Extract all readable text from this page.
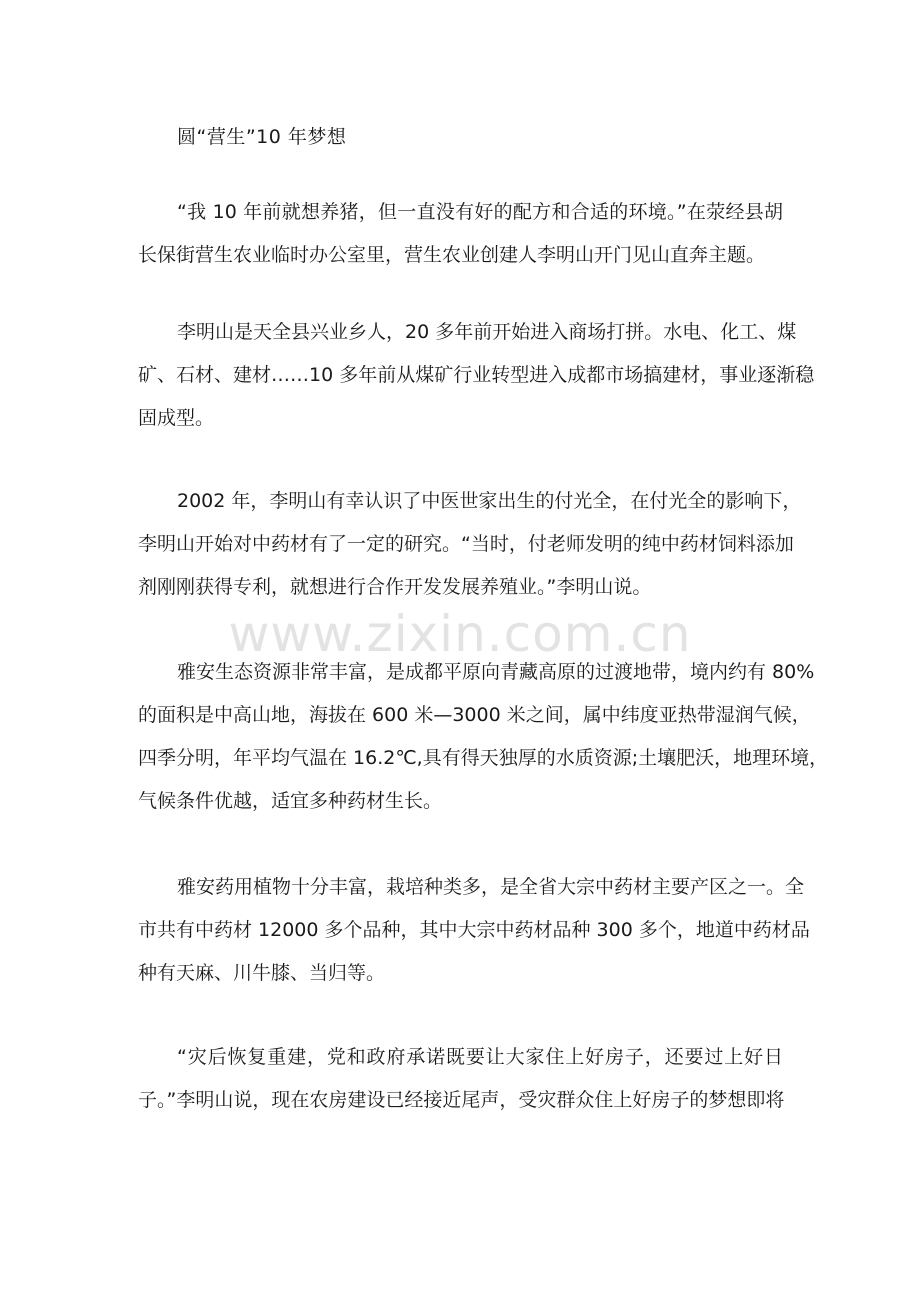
www.zixin.com.cn
圆“营生”10 年梦想

“我 10 年前就想养猪，但一直没有好的配方和合适的环境。”在荥经县胡
长保街营生农业临时办公室里，营生农业创建人李明山开门见山直奔主题。

李明山是天全县兴业乡人，20 多年前开始进入商场打拼。水电、化工、煤
矿、石材、建材……10 多年前从煤矿行业转型进入成都市场搞建材，事业逐渐稳
固成型。

2002 年，李明山有幸认识了中医世家出生的付光全，在付光全的影响下，
李明山开始对中药材有了一定的研究。“当时，付老师发明的纯中药材饲料添加
剂刚刚获得专利，就想进行合作开发发展养殖业。”李明山说。

雅安生态资源非常丰富，是成都平原向青藏高原的过渡地带，境内约有 80%
的面积是中高山地，海拔在 600 米—3000 米之间，属中纬度亚热带湿润气候，
四季分明，年平均气温在 16.2℃,具有得天独厚的水质资源;土壤肥沃，地理环境，
气候条件优越，适宜多种药材生长。

雅安药用植物十分丰富，栽培种类多，是全省大宗中药材主要产区之一。全
市共有中药材 12000 多个品种，其中大宗中药材品种 300 多个，地道中药材品
种有天麻、川牛膝、当归等。

“灾后恢复重建，党和政府承诺既要让大家住上好房子，还要过上好日
子。”李明山说，现在农房建设已经接近尾声，受灾群众住上好房子的梦想即将
